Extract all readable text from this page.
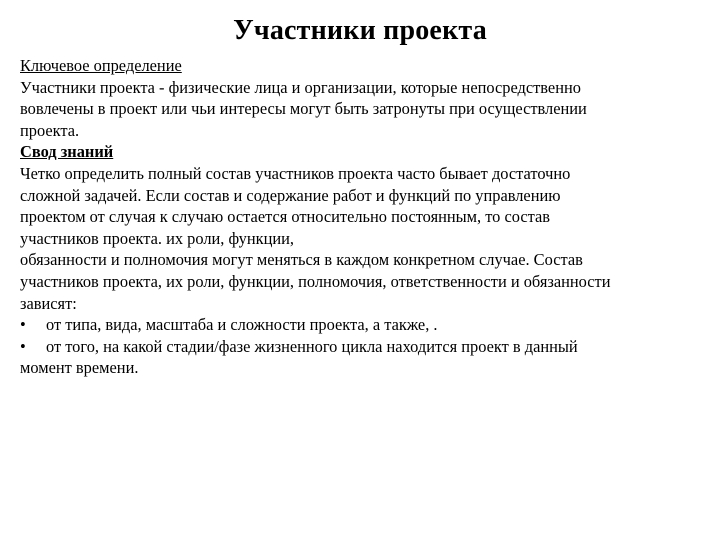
Участники проекта
Ключевое определение
Участники проекта - физические лица и организации, которые непосредственно
вовлечены в проект или чьи интересы могут быть затронуты при осуществлении
проекта.
Свод знаний
Четко определить полный состав участников проекта часто бывает достаточно
сложной задачей. Если состав и содержание работ и функций по управлению
проектом от случая к случаю остается относительно постоянным, то состав
участников проекта. их роли, функции,
обязанности и полномочия могут меняться в каждом конкретном случае. Состав
участников проекта, их роли, функции, полномочия, ответственности и обязанности
зависят:
• от типа, вида, масштаба и сложности проекта, а также, .
• от того, на какой стадии/фазе жизненного цикла находится проект в данный
момент времени.
